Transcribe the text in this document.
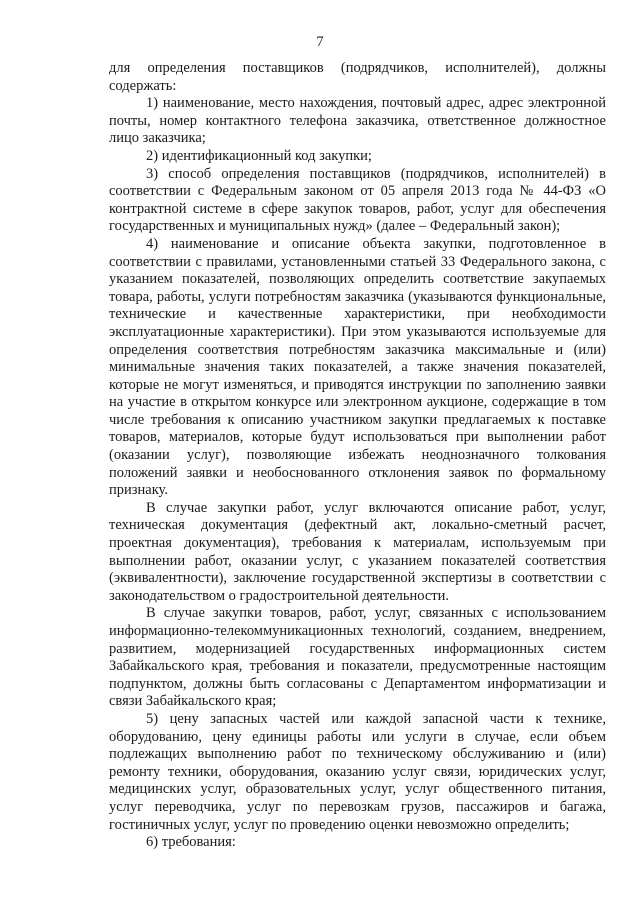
7

для определения поставщиков (подрядчиков, исполнителей), должны содержать:

1) наименование, место нахождения, почтовый адрес, адрес электронной почты, номер контактного телефона заказчика, ответственное должностное лицо заказчика;

2) идентификационный код закупки;

3) способ определения поставщиков (подрядчиков, исполнителей) в соответствии с Федеральным законом от 05 апреля 2013 года № 44-ФЗ «О контрактной системе в сфере закупок товаров, работ, услуг для обеспечения государственных и муниципальных нужд» (далее – Федеральный закон);

4) наименование и описание объекта закупки, подготовленное в соответствии с правилами, установленными статьей 33 Федерального закона, с указанием показателей, позволяющих определить соответствие закупаемых товара, работы, услуги потребностям заказчика (указываются функциональные, технические и качественные характеристики, при необходимости эксплуатационные характеристики). При этом указываются используемые для определения соответствия потребностям заказчика максимальные и (или) минимальные значения таких показателей, а также значения показателей, которые не могут изменяться, и приводятся инструкции по заполнению заявки на участие в открытом конкурсе или электронном аукционе, содержащие в том числе требования к описанию участником закупки предлагаемых к поставке товаров, материалов, которые будут использоваться при выполнении работ (оказании услуг), позволяющие избежать неоднозначного толкования положений заявки и необоснованного отклонения заявок по формальному признаку.

В случае закупки работ, услуг включаются описание работ, услуг, техническая документация (дефектный акт, локально-сметный расчет, проектная документация), требования к материалам, используемым при выполнении работ, оказании услуг, с указанием показателей соответствия (эквивалентности), заключение государственной экспертизы в соответствии с законодательством о градостроительной деятельности.

В случае закупки товаров, работ, услуг, связанных с использованием информационно-телекоммуникационных технологий, созданием, внедрением, развитием, модернизацией государственных информационных систем Забайкальского края, требования и показатели, предусмотренные настоящим подпунктом, должны быть согласованы с Департаментом информатизации и связи Забайкальского края;

5) цену запасных частей или каждой запасной части к технике, оборудованию, цену единицы работы или услуги в случае, если объем подлежащих выполнению работ по техническому обслуживанию и (или) ремонту техники, оборудования, оказанию услуг связи, юридических услуг, медицинских услуг, образовательных услуг, услуг общественного питания, услуг переводчика, услуг по перевозкам грузов, пассажиров и багажа, гостиничных услуг, услуг по проведению оценки невозможно определить;

6) требования:
